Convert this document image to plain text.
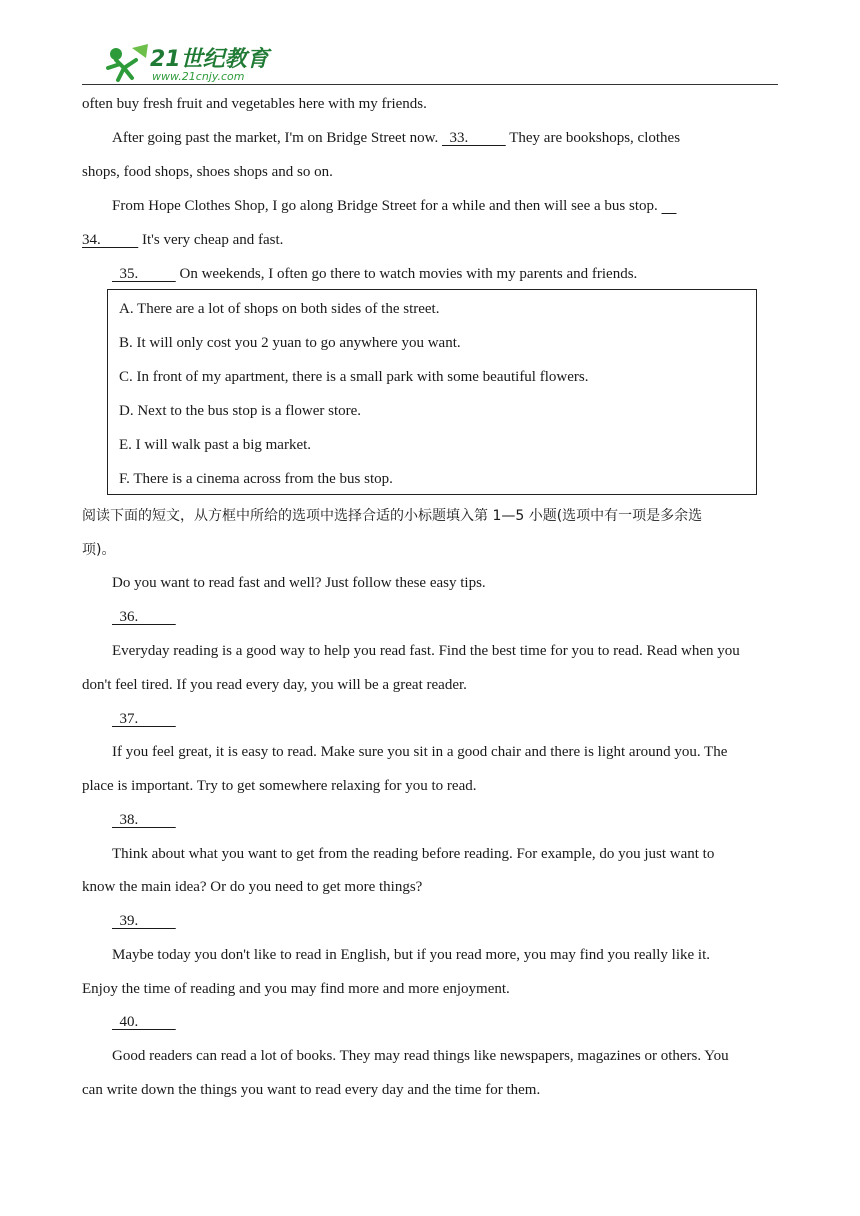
21世纪教育
www.21cnjy.com
often buy fresh fruit and vegetables here with my friends.
After going past the market, I'm on Bridge Street now.   33.           They are bookshops, clothes
shops, food shops, shoes shops and so on.
From Hope Clothes Shop, I go along Bridge Street for a while and then will see a bus stop.
34.           It's very cheap and fast.
35.           On weekends, I often go there to watch movies with my parents and friends.
A. There are a lot of shops on both sides of the street.
B. It will only cost you 2 yuan to go anywhere you want.
C. In front of my apartment, there is a small park with some beautiful flowers.
D. Next to the bus stop is a flower store.
E. I will walk past a big market.
F. There is a cinema across from the bus stop.
阅读下面的短文，从方框中所给的选项中选择合适的小标题填入第 1—5 小题(选项中有一项是多余选
项)。
Do you want to read fast and well? Just follow these easy tips.
36.
Everyday reading is a good way to help you read fast. Find the best time for you to read. Read when you
don't feel tired. If you read every day, you will be a great reader.
37.
If you feel great, it is easy to read. Make sure you sit in a good chair and there is light around you. The
place is important. Try to get somewhere relaxing for you to read.
38.
Think about what you want to get from the reading before reading. For example, do you just want to
know the main idea? Or do you need to get more things?
39.
Maybe today you don't like to read in English, but if you read more, you may find you really like it.
Enjoy the time of reading and you may find more and more enjoyment.
40.
Good readers can read a lot of books. They may read things like newspapers, magazines or others. You
can write down the things you want to read every day and the time for them.
